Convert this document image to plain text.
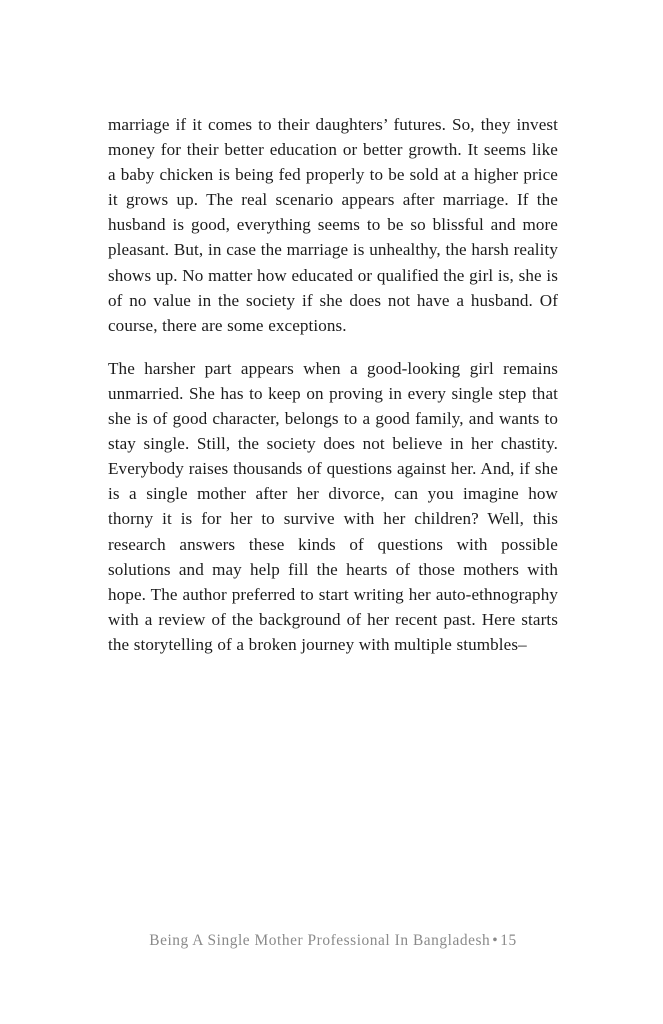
marriage if it comes to their daughters’ futures. So, they invest money for their better education or better growth. It seems like a baby chicken is being fed properly to be sold at a higher price it grows up. The real scenario appears after marriage. If the husband is good, everything seems to be so blissful and more pleasant. But, in case the marriage is unhealthy, the harsh reality shows up. No matter how educated or qualified the girl is, she is of no value in the society if she does not have a husband. Of course, there are some exceptions.

The harsher part appears when a good-looking girl remains unmarried. She has to keep on proving in every single step that she is of good character, belongs to a good family, and wants to stay single. Still, the society does not believe in her chastity. Everybody raises thousands of questions against her. And, if she is a single mother after her divorce, can you imagine how thorny it is for her to survive with her children? Well, this research answers these kinds of questions with possible solutions and may help fill the hearts of those mothers with hope. The author preferred to start writing her auto-ethnography with a review of the background of her recent past. Here starts the storytelling of a broken journey with multiple stumbles–

Being A Single Mother Professional In Bangladesh • 15
